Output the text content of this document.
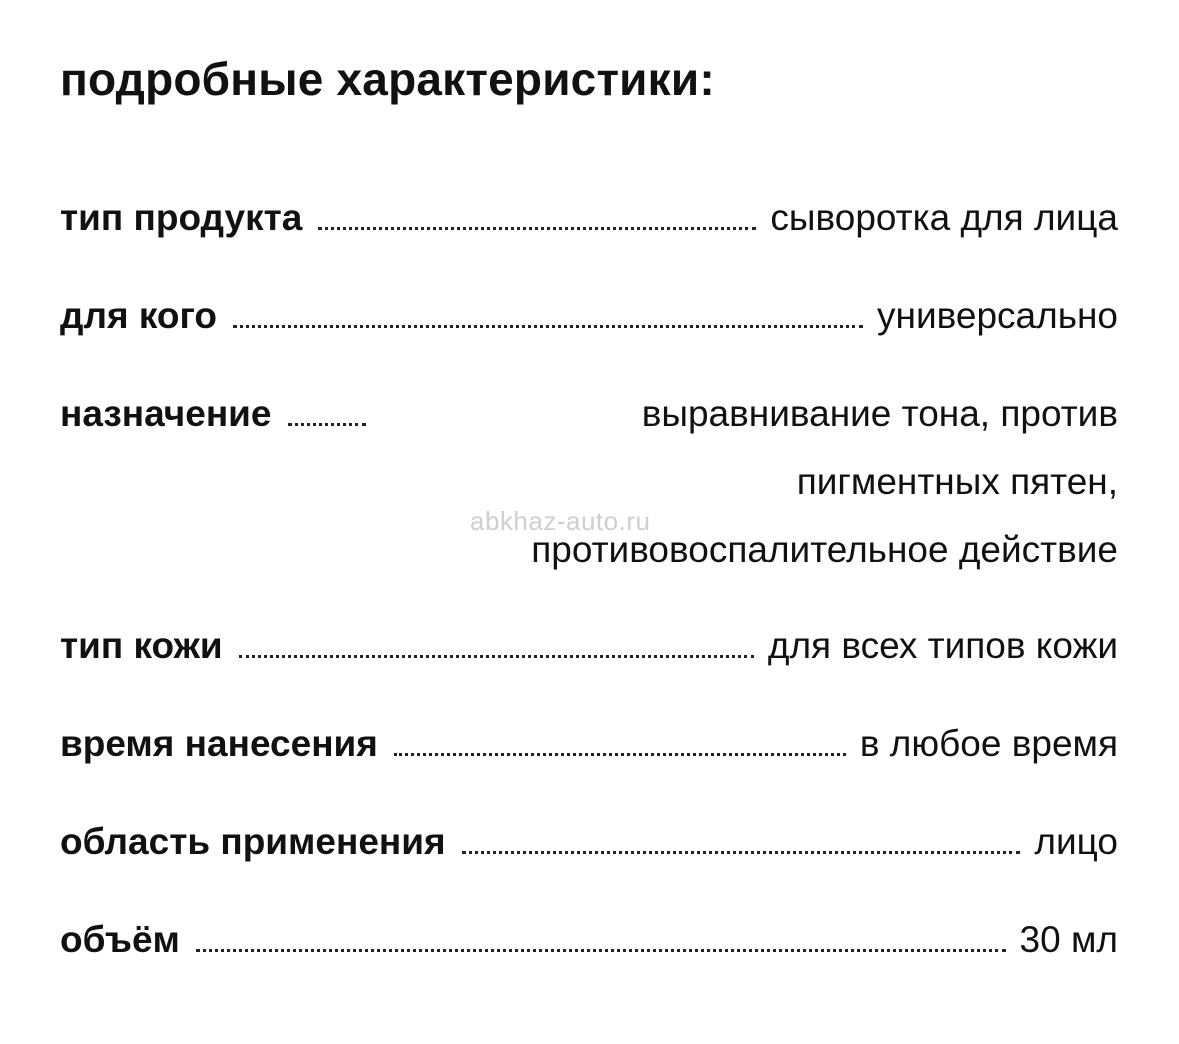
подробные характеристики:
тип продукта	сыворотка для лица
для кого	универсально
назначение	выравнивание тона, против
пигментных пятен,
противовоспалительное действие
тип кожи	для всех типов кожи
время нанесения	в любое время
область применения	лицо
объём	30 мл
abkhaz-auto.ru
